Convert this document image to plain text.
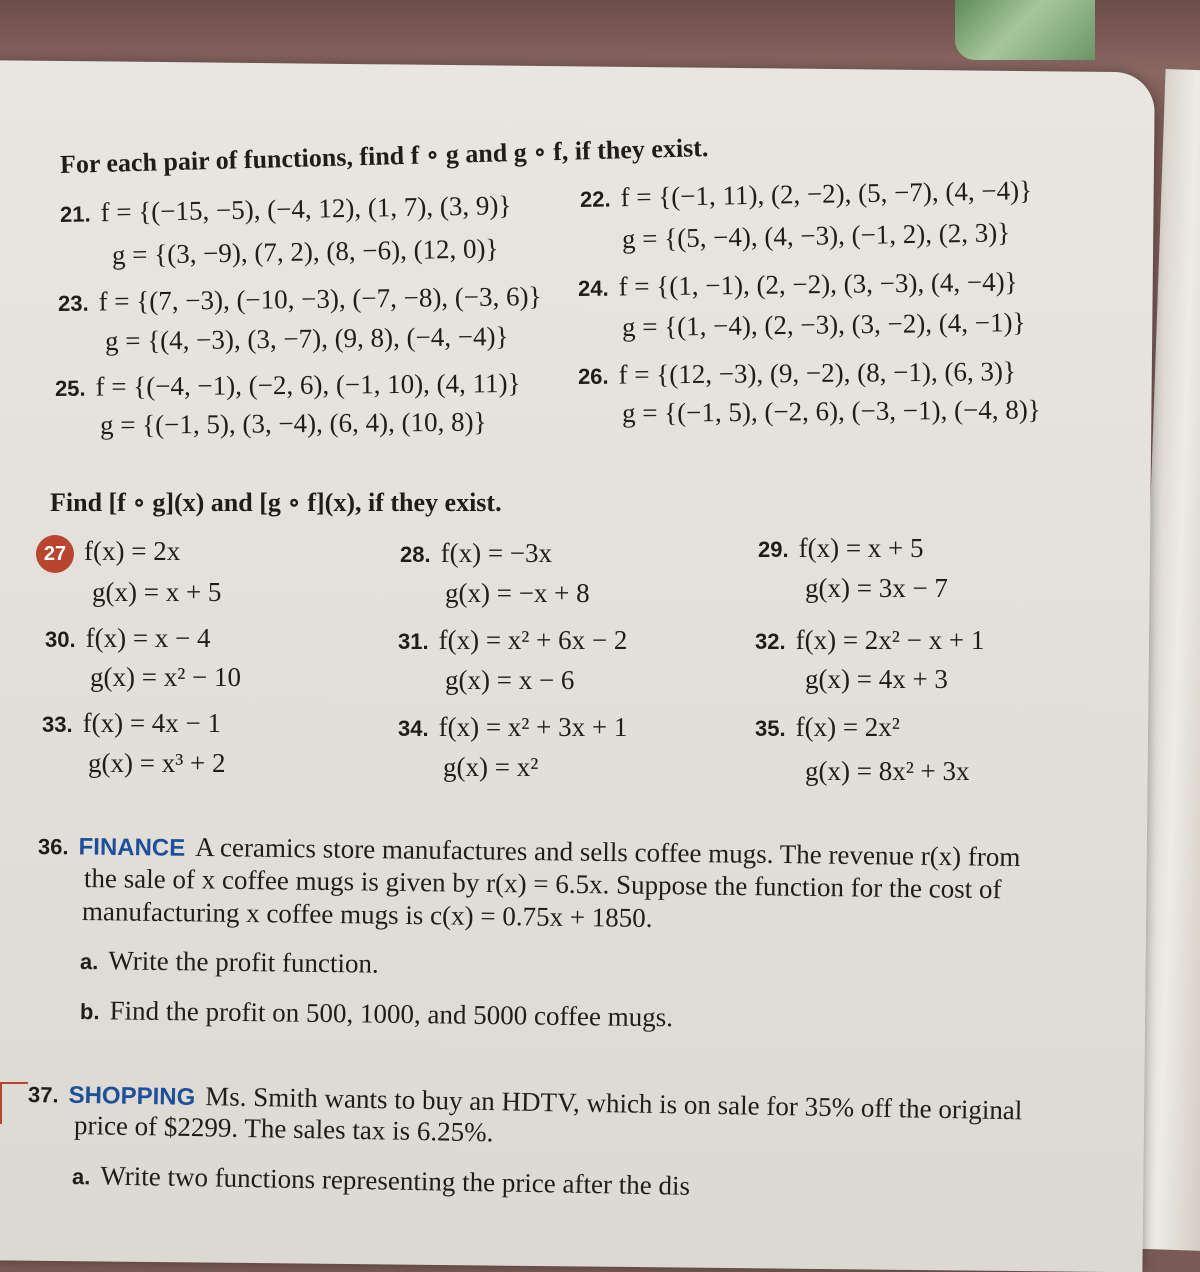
For each pair of functions, find f ∘ g and g ∘ f, if they exist.
21. f = {(−15, −5), (−4, 12), (1, 7), (3, 9)}
g = {(3, −9), (7, 2), (8, −6), (12, 0)}
22. f = {(−1, 11), (2, −2), (5, −7), (4, −4)}
g = {(5, −4), (4, −3), (−1, 2), (2, 3)}
23. f = {(7, −3), (−10, −3), (−7, −8), (−3, 6)}
g = {(4, −3), (3, −7), (9, 8), (−4, −4)}
24. f = {(1, −1), (2, −2), (3, −3), (4, −4)}
g = {(1, −4), (2, −3), (3, −2), (4, −1)}
25. f = {(−4, −1), (−2, 6), (−1, 10), (4, 11)}
g = {(−1, 5), (3, −4), (6, 4), (10, 8)}
26. f = {(12, −3), (9, −2), (8, −1), (6, 3)}
g = {(−1, 5), (−2, 6), (−3, −1), (−4, 8)}
Find [f ∘ g](x) and [g ∘ f](x), if they exist.
27 f(x) = 2x
g(x) = x + 5
28. f(x) = −3x
g(x) = −x + 8
29. f(x) = x + 5
g(x) = 3x − 7
30. f(x) = x − 4
g(x) = x² − 10
31. f(x) = x² + 6x − 2
g(x) = x − 6
32. f(x) = 2x² − x + 1
g(x) = 4x + 3
33. f(x) = 4x − 1
g(x) = x³ + 2
34. f(x) = x² + 3x + 1
g(x) = x²
35. f(x) = 2x²
g(x) = 8x² + 3x
36. FINANCE A ceramics store manufactures and sells coffee mugs. The revenue r(x) from
the sale of x coffee mugs is given by r(x) = 6.5x. Suppose the function for the cost of
manufacturing x coffee mugs is c(x) = 0.75x + 1850.
a. Write the profit function.
b. Find the profit on 500, 1000, and 5000 coffee mugs.
37. SHOPPING Ms. Smith wants to buy an HDTV, which is on sale for 35% off the original
price of $2299. The sales tax is 6.25%.
a. Write two functions representing the price after the dis
